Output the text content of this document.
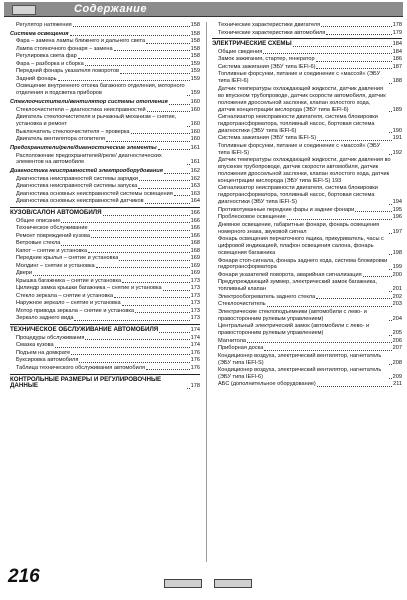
Содержание
Регулятор натяжения	158
Система освещения	158
Фара – замена лампы ближнего и дальнего света	158
Лампа стояночного фонаря – замена	158
Регулировка света фар	158
Фара – разборка и сборка	159
Передний фонарь указателя поворотов	159
Задний фонарь	159
Освещение внутреннего отсека багажного отделения, моторного отделения и подсветка приборов	159
Стеклоочистители/вентилятор системы отопления	160
Стеклоочистители – диагностика неисправностей	160
Двигатель стеклоочистителя и рычажный механизм – снятие, установка и ремонт	160
Выключатель стеклоочистителя – проверка	160
Двигатель вентилятора отопителя	160
Предохранители/реле/диагностические элементы	161
Расположение предохранителей/реле/ диагностических элементов на автомобиле	161
Диагностика неисправностей электрооборудования	162
Диагностика неисправностей системы зарядки	162
Диагностика неисправностей системы запуска	163
Диагностика основных неисправностей системы освещения	163
Диагностика основных неисправностей датчиков	164
КУЗОВ/САЛОН АВТОМОБИЛЯ	166
Общее описание	166
Техническое обслуживание	166
Ремонт повреждений кузова	166
Ветровые стекла	168
Капот – снятие и установка	168
Передние крылья – снятие и установка	169
Молдинг – снятие и установка	169
Двери	169
Крышка багажника – снятие и установка	173
Цилиндр замка крышки багажника – снятие и установка	173
Стекло зеркала – снятие и установка	173
Наружное зеркало – снятие и установка	173
Мотор привода зеркала – снятие и установка	173
Зеркало заднего вида	173
ТЕХНИЧЕСКОЕ ОБСЛУЖИВАНИЕ АВТОМОБИЛЯ	174
Процедуры обслуживания	174
Смазка кузова	174
Подъем на домкрате	176
Буксировка автомобиля	176
Таблица технического обслуживания автомобиля	176
КОНТРОЛЬНЫЕ РАЗМЕРЫ И РЕГУЛИРОВОЧНЫЕ ДАННЫЕ	178
Технические характеристики двигателя	178
Технические характеристики автомобиля	179
ЭЛЕКТРИЧЕСКИЕ СХЕМЫ	184
Общие сведения	184
Замок зажигания, стартер, генератор	186
Система зажигания (ЭБУ типа IEFI-6)	187
Топливные форсунки, питание и соединение с «массой» (ЭБУ типа IEFI-6)	188
Датчик температуры охлаждающей жидкости, датчик давления во впускном трубопроводе, датчик скорости автомобиля, датчик положения дроссельной заслонки, клапан холостого хода, датчик концентрации кислорода (ЭБУ типа IEFI-6)	189
Сигнализатор неисправности двигателя, система блокировки гидротрансформатора, топливный насос, бортовая система диагностики (ЭБУ типа IEFI-6)	190
Система зажигания (ЭБУ типа IEFI-S)	191
Топливные форсунки, питание и соединение с «массой» (ЭБУ типа IEFI-S)	192
Датчик температуры охлаждающей жидкости, датчик давления во впускном трубопроводе, датчик скорости автомобиля, датчик положения дроссельной заслонки, клапан холостого хода, датчик концентрации кислорода (ЭБУ типа IEFI-S) 193
Сигнализатор неисправности двигателя, система блокировки гидротрансформатора, топливный насос, бортовая система диагностики (ЭБУ типа IEFI-S)	194
Противотуманные передние фары и задние фонари	195
Проблесковое освещение	196
Дневное освещение, габаритные фонари, фонарь освещения номерного знака, звуковой сигнал	197
Фонарь освещения перчаточного ящика, прикуриватель, часы с цифровой индикацией, плафон освещения салона, фонарь освещения багажника	198
Фонари стоп-сигнала, фонарь заднего хода, система блокировки гидротрансформатора	199
Фонари указателей поворота, аварийная сигнализация	200
Предупреждающий зуммер, электрический замок багажника, топливный клапан	201
Электрообогреватель заднего стекла	202
Стеклоочиститель	203
Электрические стеклоподъемники (автомобили с лево- и правосторонним рулевым управлением)	204
Центральный электрический замок (автомобили с лево- и правосторонним рулевым управлением)	205
Магнитола	206
Приборная доска	207
Кондиционер воздуха, электрический вентилятор, нагнетатель (ЭБУ типа IEFI-S)	208
Кондиционер воздуха, электрический вентилятор, нагнетатель (ЭБУ типа IEFI-6)	209
АБС (дополнительное оборудование)	211
216
